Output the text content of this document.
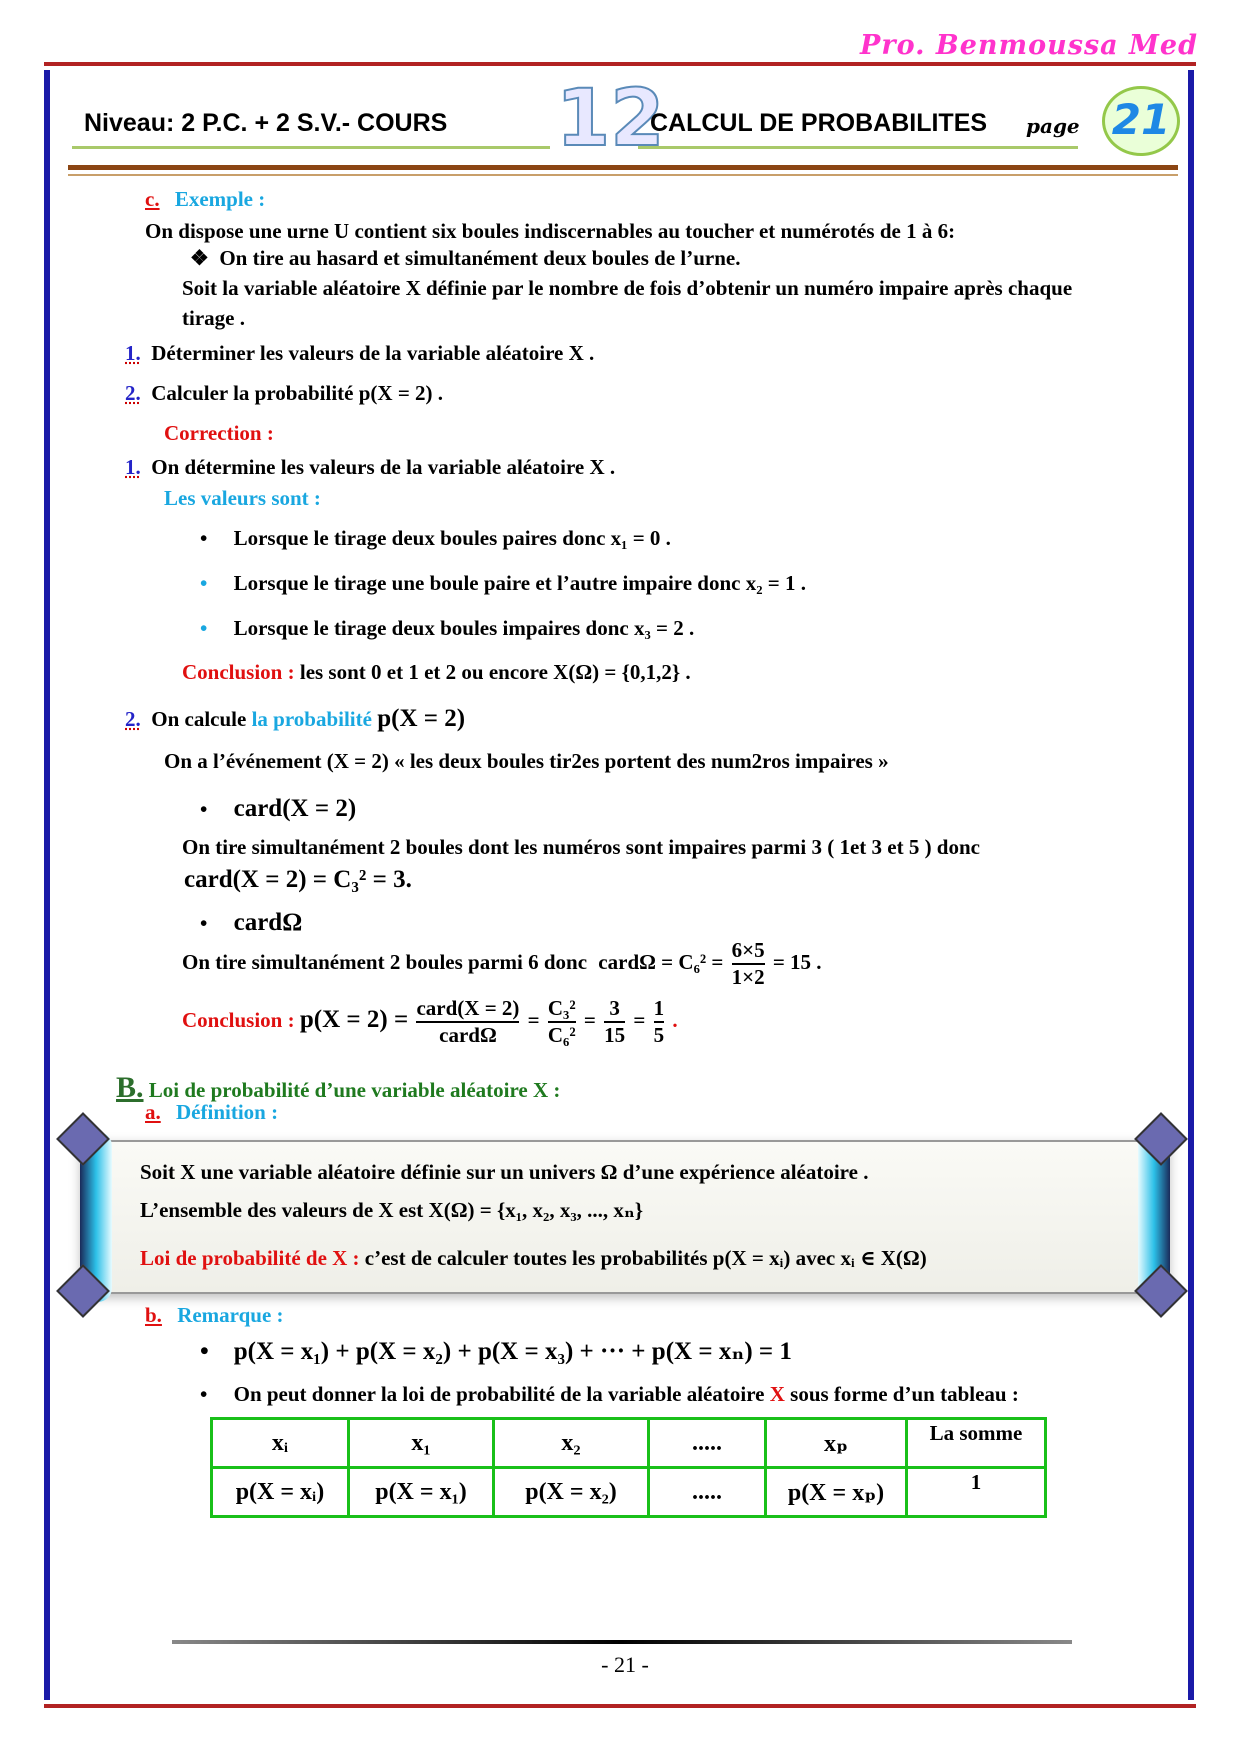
Pro. Benmoussa Med
Niveau: 2 P.C. + 2 S.V.- COURS 12
CALCUL DE PROBABILITES page 21
c. Exemple :
On dispose une urne U contient six boules indiscernables au toucher et numérotés de 1 à 6:
❖  On tire au hasard et simultanément deux boules de l’urne.
Soit la variable aléatoire X définie par le nombre de fois d’obtenir un numéro impaire après chaque
tirage .
1. Déterminer les valeurs de la variable aléatoire X .
2. Calculer la probabilité p(X = 2) .
Correction :
1. On détermine les valeurs de la variable aléatoire X .
Les valeurs sont :
•     Lorsque le tirage deux boules paires donc x₁ = 0 .
• Lorsque le tirage une boule paire et l’autre impaire donc x₂ = 1 .
• Lorsque le tirage deux boules impaires donc x₃ = 2 .
Conclusion : les sont 0 et 1 et 2 ou encore X(Ω) = {0,1,2} .
2. On calcule la probabilité p(X = 2)
On a l’événement (X = 2) « les deux boules tir2es portent des num2ros impaires »
•     card(X = 2)
On tire simultanément 2 boules dont les numéros sont impaires parmi 3 ( 1et 3 et 5 ) donc
card(X = 2) = C₃² = 3.
•     cardΩ
On tire simultanément 2 boules parmi 6 donc cardΩ = $C_6^2 = \frac{6\times 5}{1\times 2} = 15$ .
Conclusion : $p(X = 2) = \frac{\text{card(X = 2)}}{\text{cardΩ}} = \frac{\text{C₃²}}{\text{C₆²}} = \frac{3}{15} = \frac{1}{5}$ .
B. Loi de probabilité d’une variable aléatoire X :
a. Définition :
Soit X une variable aléatoire définie sur un univers Ω d’une expérience aléatoire .
L’ensemble des valeurs de X est X(Ω) = {x₁, x₂, x₃, ..., xₙ}
Loi de probabilité de X : c’est de calculer toutes les probabilités p(X = xᵢ) avec xᵢ ∈ X(Ω)
b. Remarque :
•    p(X = x₁) + p(X = x₂) + p(X = x₃) + ··· + p(X = xₙ) = 1
•     On peut donner la loi de probabilité de la variable aléatoire X sous forme d’un tableau :
xᵢ	x₁	x₂	.....	xₚ	La somme
p(X = xᵢ)	p(X = x₁)	p(X = x₂)	.....	p(X = xₚ)	1
- 21 -
